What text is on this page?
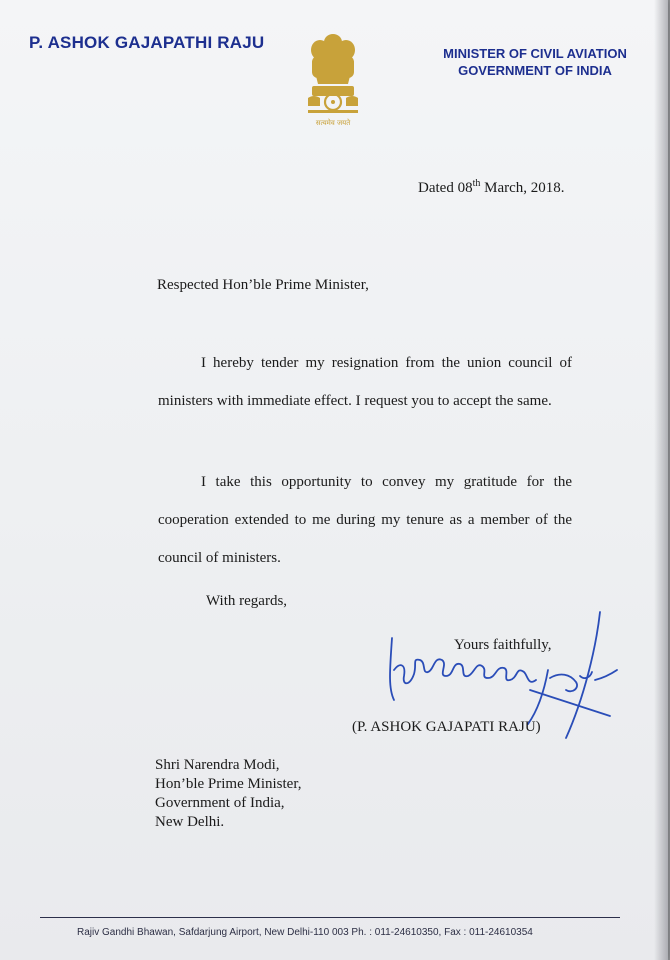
P. ASHOK GAJAPATHI RAJU
सत्यमेव जयते
MINISTER OF CIVIL AVIATION
GOVERNMENT OF INDIA
Dated 08th March, 2018.
Respected Hon’ble Prime Minister,
I hereby tender my resignation from the union council of ministers with immediate effect. I request you to accept the same.
I take this opportunity to convey my gratitude for the cooperation extended to me during my tenure as a member of the council of ministers.
With regards,
Yours faithfully,
(P. ASHOK GAJAPATI RAJU)
Shri Narendra Modi,
Hon’ble Prime Minister,
Government of India,
New Delhi.
Rajiv Gandhi Bhawan, Safdarjung Airport, New Delhi-110 003 Ph. : 011-24610350, Fax : 011-24610354
